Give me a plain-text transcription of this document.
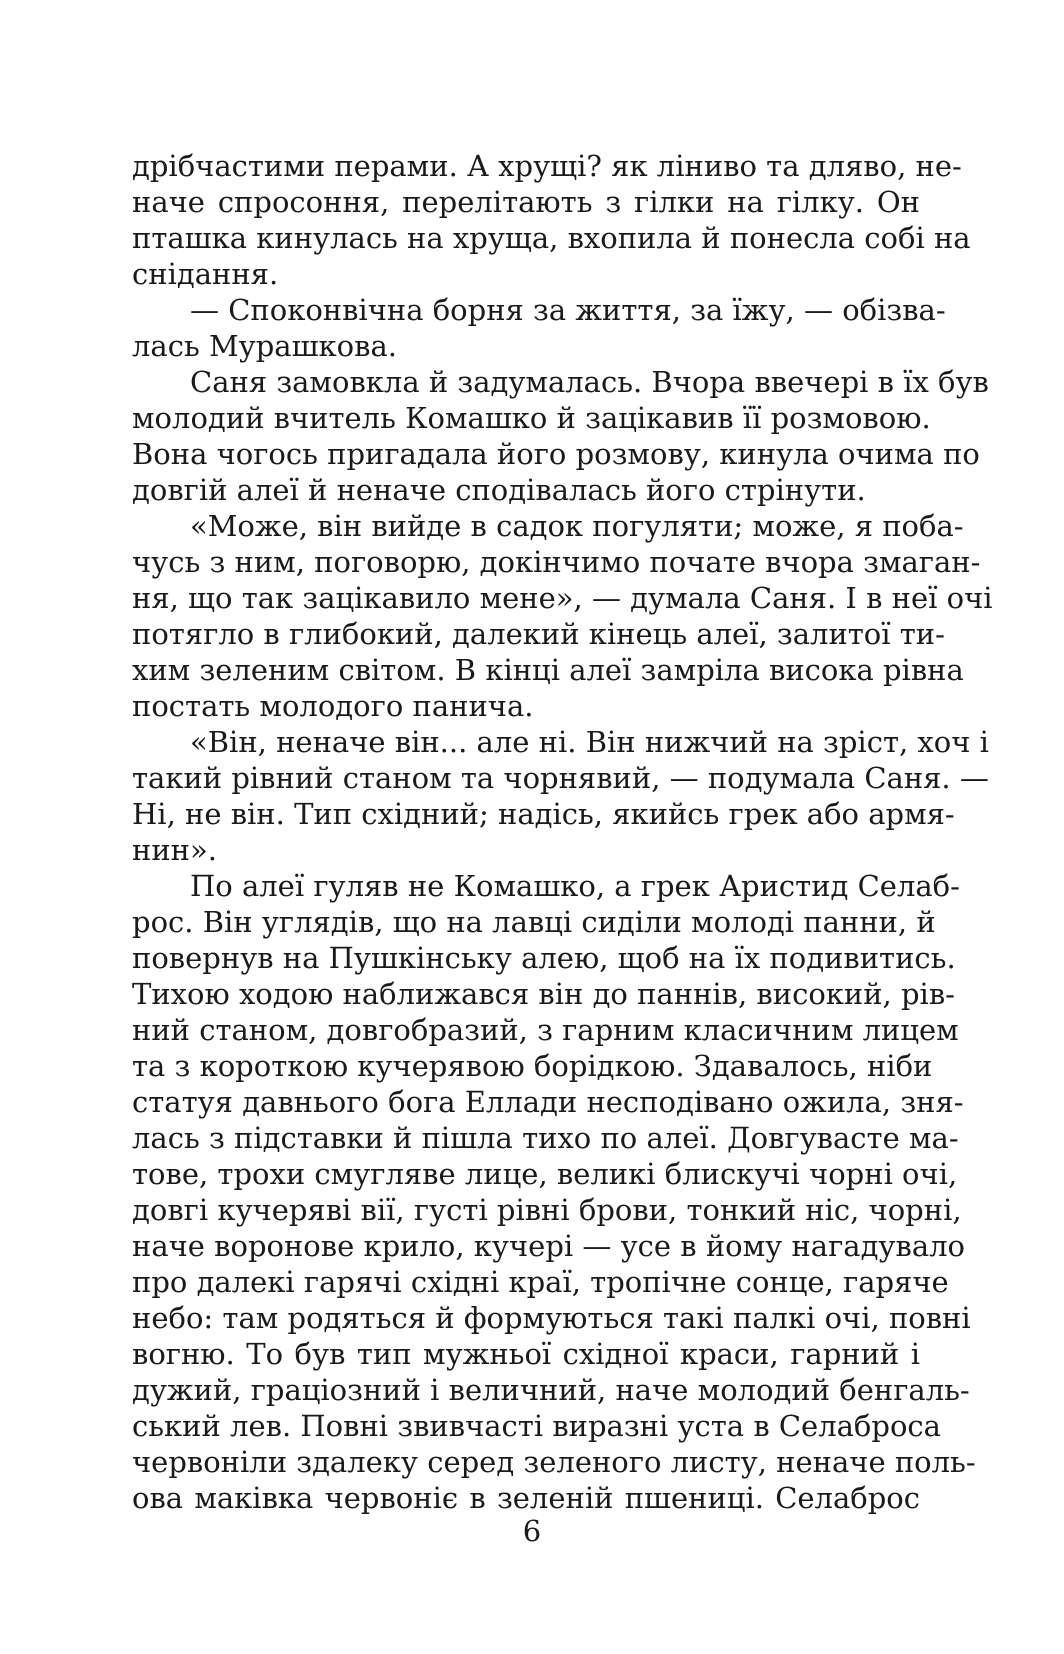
дрібчастими перами. А хрущі? як ліниво та дляво, не-
наче спросоння, перелітають з гілки на гілку. Он
пташка кинулась на хруща, вхопила й понесла собі на
снідання.
— Споконвічна борня за життя, за їжу, — обізва-
лась Мурашкова.
Саня замовкла й задумалась. Вчора ввечері в їх був
молодий вчитель Комашко й зацікавив її розмовою.
Вона чогось пригадала його розмову, кинула очима по
довгій алеї й неначе сподівалась його стрінути.
«Може, він вийде в садок погуляти; може, я поба-
чусь з ним, поговорю, докінчимо почате вчора змаган-
ня, що так зацікавило мене», — думала Саня. І в неї очі
потягло в глибокий, далекий кінець алеї, залитої ти-
хим зеленим світом. В кінці алеї замріла висока рівна
постать молодого панича.
«Він, неначе він... але ні. Він нижчий на зріст, хоч і
такий рівний станом та чорнявий, — подумала Саня. —
Ні, не він. Тип східний; надісь, якийсь грек або армя-
нин».
По алеї гуляв не Комашко, а грек Аристид Селаб-
рос. Він углядів, що на лавці сиділи молоді панни, й
повернув на Пушкінську алею, щоб на їх подивитись.
Тихою ходою наближався він до паннів, високий, рів-
ний станом, довгобразий, з гарним класичним лицем
та з короткою кучерявою борідкою. Здавалось, ніби
статуя давнього бога Еллади несподівано ожила, зня-
лась з підставки й пішла тихо по алеї. Довгувасте ма-
тове, трохи смугляве лице, великі блискучі чорні очі,
довгі кучеряві вії, густі рівні брови, тонкий ніс, чорні,
наче воронове крило, кучері — усе в йому нагадувало
про далекі гарячі східні краї, тропічне сонце, гаряче
небо: там родяться й формуються такі палкі очі, повні
вогню. То був тип мужньої східної краси, гарний і
дужий, граціозний і величний, наче молодий бенгаль-
ський лев. Повні звивчасті виразні уста в Селаброса
червоніли здалеку серед зеленого листу, неначе поль-
ова маківка червоніє в зеленій пшениці. Селаброс
6
